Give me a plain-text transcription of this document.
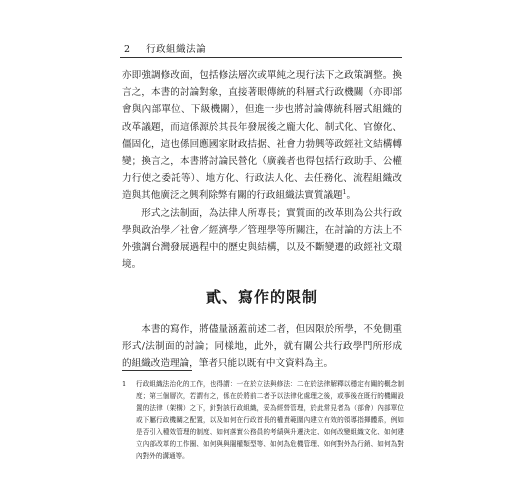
2 行政組織法論

亦即強調修改面，包括修法層次或單純之現行法下之政策調整。換言之，本書的討論對象，直接著眼傳統的科層式行政機關（亦即部會與內部單位、下級機關），但進一步也將討論傳統科層式組織的改革議題，而這係源於其長年發展後之龐大化、制式化、官僚化、僵固化，這也係回應國家財政拮据、社會力勃興等政經社文結構轉變；換言之，本書將討論民營化（廣義者也得包括行政助手、公權力行使之委託等）、地方化、行政法人化、去任務化、流程組織改造與其他廣泛之興利除弊有關的行政組織法實質議題$^1$。

形式之法制面，為法律人所專長；實質面的改革則為公共行政學與政治學／社會／經濟學／管理學等所關注，在討論的方法上不外強調台灣發展過程中的歷史與結構，以及不斷變遷的政經社文環境。

貳、寫作的限制

本書的寫作，將儘量涵蓋前述二者，但因限於所學，不免側重形式/法制面的討論；同樣地，此外，就有關公共行政學門所形成的組織改造理論，筆者只能以既有中文資料為主。

1 行政組織法治化的工作，也得謂：一在於立法與修法：二在於法律解釋以穩定有關的概念制度；第三個層次，若謂有之，係在於將前二者予以法律化處理之後，或事後在既行的機關設置的法律（架構）之下，針對該行政組織，妥為經營管理，於此常見者為（部會）內部單位或下屬行政機關之配置，以及如何在行政首長的權責範圍內建立有效的領導指揮體系，例如是否引入種效管理的制度、如何落實公務員的考績與升遷決定、如何改變組織文化、如何建立內部改革的工作圈、如何與與闇權類型等、如何為危機管理、如何對外為行銷、如何為對內對外的溝通等。
